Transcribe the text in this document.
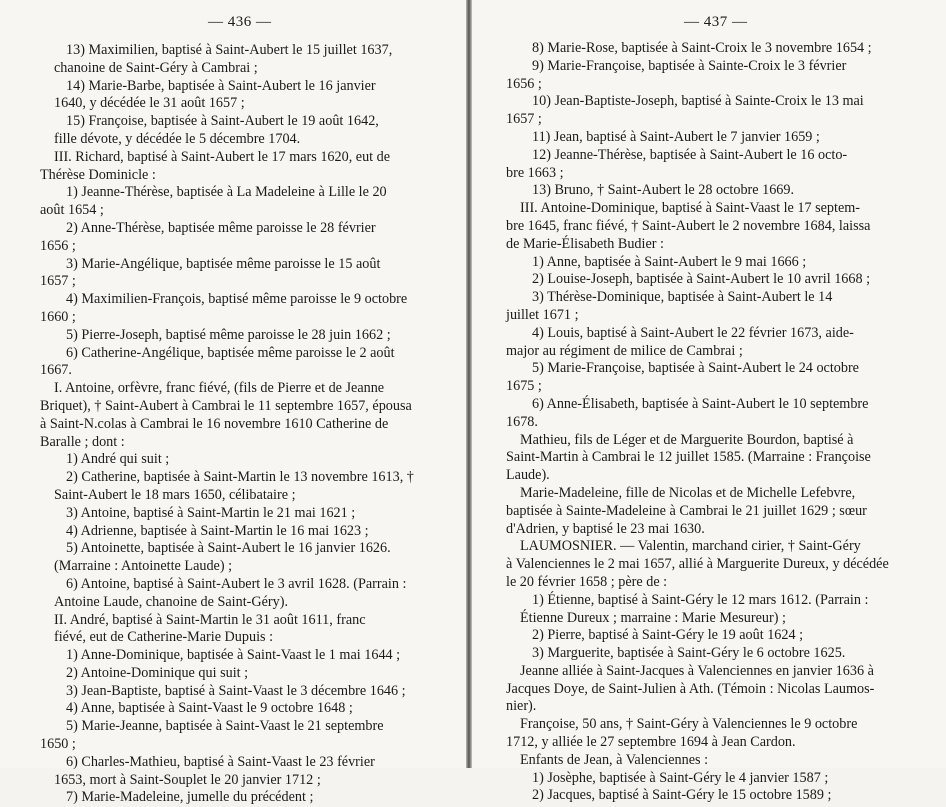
— 436 —
13) Maximilien, baptisé à Saint-Aubert le 15 juillet 1637,
chanoine de Saint-Géry à Cambrai ;
14) Marie-Barbe, baptisée à Saint-Aubert le 16 janvier
1640, y décédée le 31 août 1657 ;
15) Françoise, baptisée à Saint-Aubert le 19 août 1642,
fille dévote, y décédée le 5 décembre 1704.
III. Richard, baptisé à Saint-Aubert le 17 mars 1620, eut de
Thérèse Dominicle :
1) Jeanne-Thérèse, baptisée à La Madeleine à Lille le 20
août 1654 ;
2) Anne-Thérèse, baptisée même paroisse le 28 février
1656 ;
3) Marie-Angélique, baptisée même paroisse le 15 août
1657 ;
4) Maximilien-François, baptisé même paroisse le 9 octobre
1660 ;
5) Pierre-Joseph, baptisé même paroisse le 28 juin 1662 ;
6) Catherine-Angélique, baptisée même paroisse le 2 août
1667.
I. Antoine, orfèvre, franc fiévé, (fils de Pierre et de Jeanne
Briquet), † Saint-Aubert à Cambrai le 11 septembre 1657, épousa
à Saint-N.colas à Cambrai le 16 novembre 1610 Catherine de
Baralle ; dont :
1) André qui suit ;
2) Catherine, baptisée à Saint-Martin le 13 novembre 1613, †
Saint-Aubert le 18 mars 1650, célibataire ;
3) Antoine, baptisé à Saint-Martin le 21 mai 1621 ;
4) Adrienne, baptisée à Saint-Martin le 16 mai 1623 ;
5) Antoinette, baptisée à Saint-Aubert le 16 janvier 1626.
(Marraine : Antoinette Laude) ;
6) Antoine, baptisé à Saint-Aubert le 3 avril 1628. (Parrain :
Antoine Laude, chanoine de Saint-Géry).
II. André, baptisé à Saint-Martin le 31 août 1611, franc
fiévé, eut de Catherine-Marie Dupuis :
1) Anne-Dominique, baptisée à Saint-Vaast le 1 mai 1644 ;
2) Antoine-Dominique qui suit ;
3) Jean-Baptiste, baptisé à Saint-Vaast le 3 décembre 1646 ;
4) Anne, baptisée à Saint-Vaast le 9 octobre 1648 ;
5) Marie-Jeanne, baptisée à Saint-Vaast le 21 septembre
1650 ;
6) Charles-Mathieu, baptisé à Saint-Vaast le 23 février
1653, mort à Saint-Souplet le 20 janvier 1712 ;
7) Marie-Madeleine, jumelle du précédent ;
— 437 —
8) Marie-Rose, baptisée à Saint-Croix le 3 novembre 1654 ;
9) Marie-Françoise, baptisée à Sainte-Croix le 3 février
1656 ;
10) Jean-Baptiste-Joseph, baptisé à Sainte-Croix le 13 mai
1657 ;
11) Jean, baptisé à Saint-Aubert le 7 janvier 1659 ;
12) Jeanne-Thérèse, baptisée à Saint-Aubert le 16 octo-
bre 1663 ;
13) Bruno, † Saint-Aubert le 28 octobre 1669.
III. Antoine-Dominique, baptisé à Saint-Vaast le 17 septem-
bre 1645, franc fiévé, † Saint-Aubert le 2 novembre 1684, laissa
de Marie-Élisabeth Budier :
1) Anne, baptisée à Saint-Aubert le 9 mai 1666 ;
2) Louise-Joseph, baptisée à Saint-Aubert le 10 avril 1668 ;
3) Thérèse-Dominique, baptisée à Saint-Aubert le 14
juillet 1671 ;
4) Louis, baptisé à Saint-Aubert le 22 février 1673, aide-
major au régiment de milice de Cambrai ;
5) Marie-Françoise, baptisée à Saint-Aubert le 24 octobre
1675 ;
6) Anne-Élisabeth, baptisée à Saint-Aubert le 10 septembre
1678.
Mathieu, fils de Léger et de Marguerite Bourdon, baptisé à
Saint-Martin à Cambrai le 12 juillet 1585. (Marraine : Françoise
Laude).
Marie-Madeleine, fille de Nicolas et de Michelle Lefebvre,
baptisée à Sainte-Madeleine à Cambrai le 21 juillet 1629 ; sœur
d'Adrien, y baptisé le 23 mai 1630.
LAUMOSNIER. — Valentin, marchand cirier, † Saint-Géry
à Valenciennes le 2 mai 1657, allié à Marguerite Dureux, y décédée
le 20 février 1658 ; père de :
1) Étienne, baptisé à Saint-Géry le 12 mars 1612. (Parrain :
Étienne Dureux ; marraine : Marie Mesureur) ;
2) Pierre, baptisé à Saint-Géry le 19 août 1624 ;
3) Marguerite, baptisée à Saint-Géry le 6 octobre 1625.
Jeanne alliée à Saint-Jacques à Valenciennes en janvier 1636 à
Jacques Doye, de Saint-Julien à Ath. (Témoin : Nicolas Laumos-
nier).
Françoise, 50 ans, † Saint-Géry à Valenciennes le 9 octobre
1712, y alliée le 27 septembre 1694 à Jean Cardon.
Enfants de Jean, à Valenciennes :
1) Josèphe, baptisée à Saint-Géry le 4 janvier 1587 ;
2) Jacques, baptisé à Saint-Géry le 15 octobre 1589 ;
